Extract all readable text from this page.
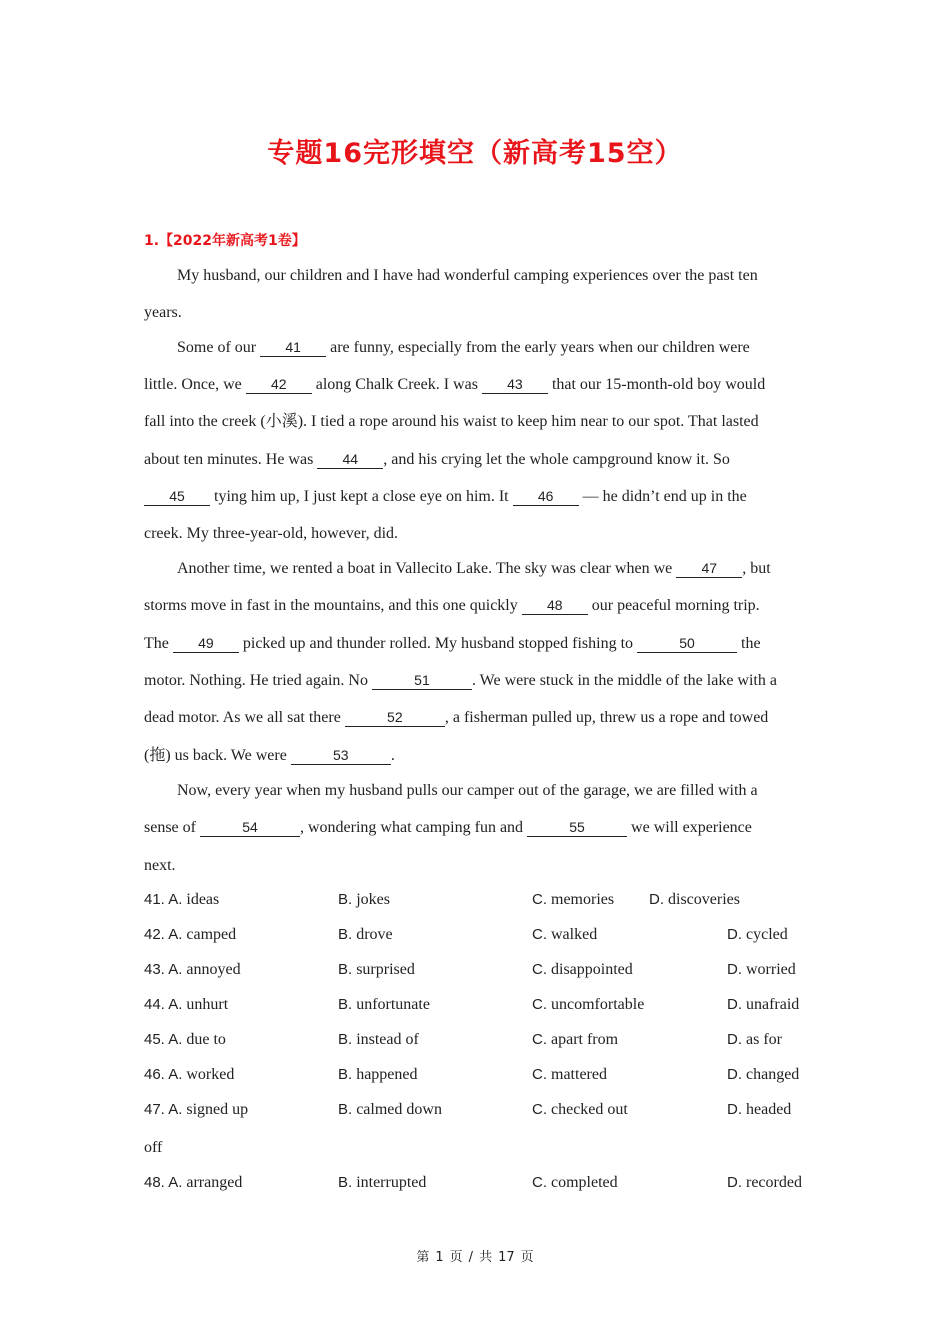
专题16完形填空（新高考15空）
1.【2022年新高考1卷】
My husband, our children and I have had wonderful camping experiences over the past ten
years.
Some of our 41 are funny, especially from the early years when our children were
little. Once, we 42 along Chalk Creek. I was 43 that our 15-month-old boy would
fall into the creek (小溪). I tied a rope around his waist to keep him near to our spot. That lasted
about ten minutes. He was 44 , and his crying let the whole campground know it. So
45 tying him up, I just kept a close eye on him. It 46 — he didn’t end up in the
creek. My three-year-old, however, did.
Another time, we rented a boat in Vallecito Lake. The sky was clear when we 47 , but
storms move in fast in the mountains, and this one quickly 48 our peaceful morning trip.
The 49 picked up and thunder rolled. My husband stopped fishing to	50	the
motor. Nothing. He tried again. No	51	. We were stuck in the middle of the lake with a
dead motor. As we all sat there	52	, a fisherman pulled up, threw us a rope and towed
(拖) us back. We were	53	.
Now, every year when my husband pulls our camper out of the garage, we are filled with a
sense of	54	, wondering what camping fun and	55	we will experience
next.
41. A. ideas	B. jokes	C. memories D. discoveries
42. A. camped	B. drove	C. walked	D. cycled
43. A. annoyed	B. surprised	C. disappointed	D. worried
44. A. unhurt	B. unfortunate	C. uncomfortable	D. unafraid
45. A. due to	B. instead of	C. apart from	D. as for
46. A. worked	B. happened	C. mattered	D. changed
47. A. signed up	B. calmed down	C. checked out	D. headed
off
48. A. arranged	B. interrupted	C. completed	D. recorded
第 1 页 / 共 17 页
